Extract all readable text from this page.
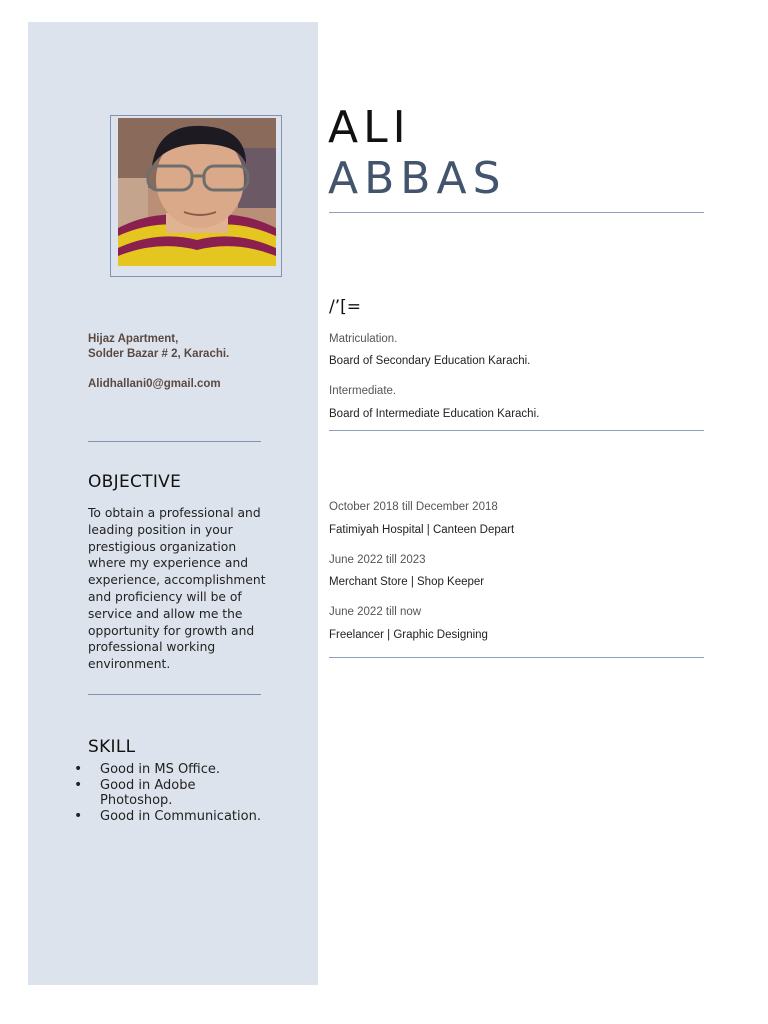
Hijaz Apartment,
Solder Bazar # 2, Karachi.

Alidhallani0@gmail.com
OBJECTIVE
To obtain a professional and leading position in your prestigious organization where my experience and experience, accomplishment and proficiency will be of service and allow me the opportunity for growth and professional working environment.
SKILL
• Good in MS Office.
• Good in Adobe Photoshop.
• Good in Communication.
ALI
ABBAS
/’[=
Matriculation.
Board of Secondary Education Karachi.
Intermediate.
Board of Intermediate Education Karachi.
October 2018 till December 2018
Fatimiyah Hospital | Canteen Depart
June 2022 till 2023
Merchant Store | Shop Keeper
June 2022 till now
Freelancer | Graphic Designing
